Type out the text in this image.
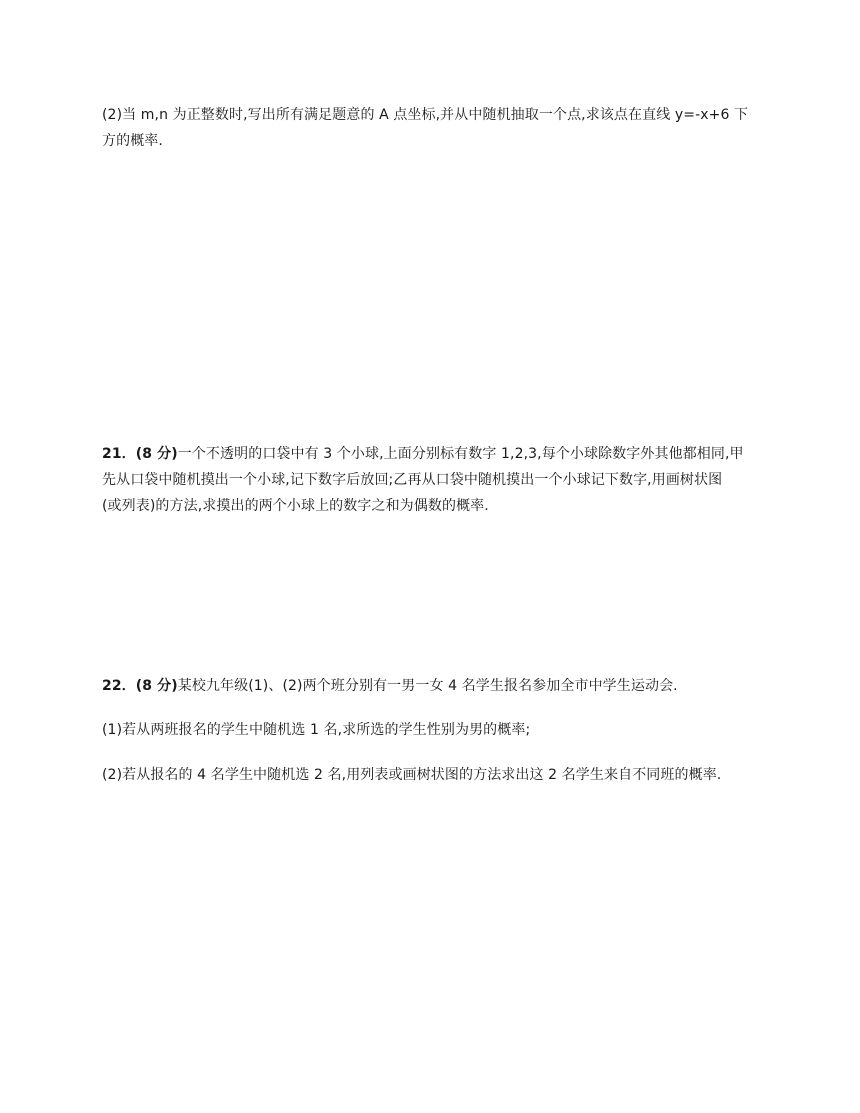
(2)当 m,n 为正整数时,写出所有满足题意的 A 点坐标,并从中随机抽取一个点,求该点在直线 y=-x+6 下
方的概率.
21．(8 分)一个不透明的口袋中有 3 个小球,上面分别标有数字 1,2,3,每个小球除数字外其他都相同,甲
先从口袋中随机摸出一个小球,记下数字后放回;乙再从口袋中随机摸出一个小球记下数字,用画树状图
(或列表)的方法,求摸出的两个小球上的数字之和为偶数的概率.
22．(8 分)某校九年级(1)、(2)两个班分别有一男一女 4 名学生报名参加全市中学生运动会.
(1)若从两班报名的学生中随机选 1 名,求所选的学生性别为男的概率;
(2)若从报名的 4 名学生中随机选 2 名,用列表或画树状图的方法求出这 2 名学生来自不同班的概率.
